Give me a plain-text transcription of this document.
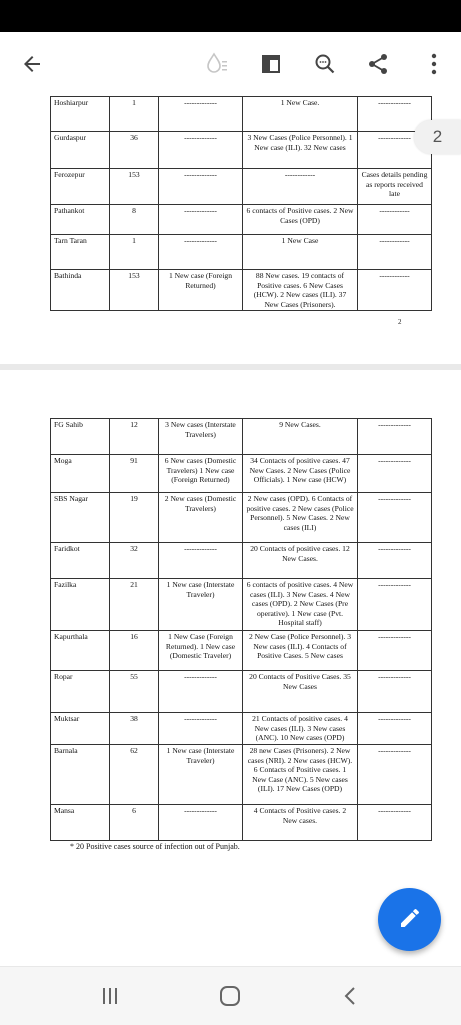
Hoshiarpur	1	-------------	1 New Case.	-------------
Gurdaspur	36	-------------	3 New Cases (Police Personnel). 1 New case (ILI). 32 New cases	-------------
Ferozepur	153	-------------	------------	Cases details pending as reports received late
Pathankot	8	-------------	6 contacts of Positive cases. 2 New Cases (OPD)	------------
Tarn Taran	1	-------------	1 New Case	------------
Bathinda	153	1 New case (Foreign Returned)	88 New cases. 19 contacts of Positive cases. 6 New Cases (HCW). 2 New cases (ILI). 37 New Cases (Prisoners).	------------
2
FG Sahib	12	3 New cases (Interstate Travelers)	9 New Cases.	-------------
Moga	91	6 New cases (Domestic Travelers) 1 New case (Foreign Returned)	34 Contacts of positive cases. 47 New Cases. 2 New Cases (Police Officials). 1 New case (HCW)	-------------
SBS Nagar	19	2 New cases (Domestic Travelers)	2 New cases (OPD). 6 Contacts of positive cases. 2 New cases (Police Personnel). 5 New Cases. 2 New cases (ILI)	-------------
Faridkot	32	-------------	20 Contacts of positive cases. 12 New Cases.	-------------
Fazilka	21	1 New case (Interstate Traveler)	6 contacts of positive cases. 4 New cases (ILI). 3 New Cases. 4 New cases (OPD). 2 New Cases (Pre operative). 1 New case (Pvt. Hospital staff)	-------------
Kapurthala	16	1 New Case (Foreign Returned). 1 New case (Domestic Traveler)	2 New Case (Police Personnel). 3 New cases (ILI). 4 Contacts of Positive Cases. 5 New cases	-------------
Ropar	55	-------------	20 Contacts of Positive Cases. 35 New Cases	-------------
Muktsar	38	-------------	21 Contacts of positive cases. 4 New cases (ILI). 3 New cases (ANC). 10 New cases (OPD)	-------------
Barnala	62	1 New case (Interstate Traveler)	28 new Cases (Prisoners). 2 New cases (NRI). 2 New cases (HCW). 6 Contacts of Positive cases. 1 New Case (ANC). 5 New cases (ILI). 17 New Cases (OPD)	-------------
Mansa	6	-------------	4 Contacts of Positive cases. 2 New cases.	-------------
* 20 Positive cases source of infection out of Punjab.
2
